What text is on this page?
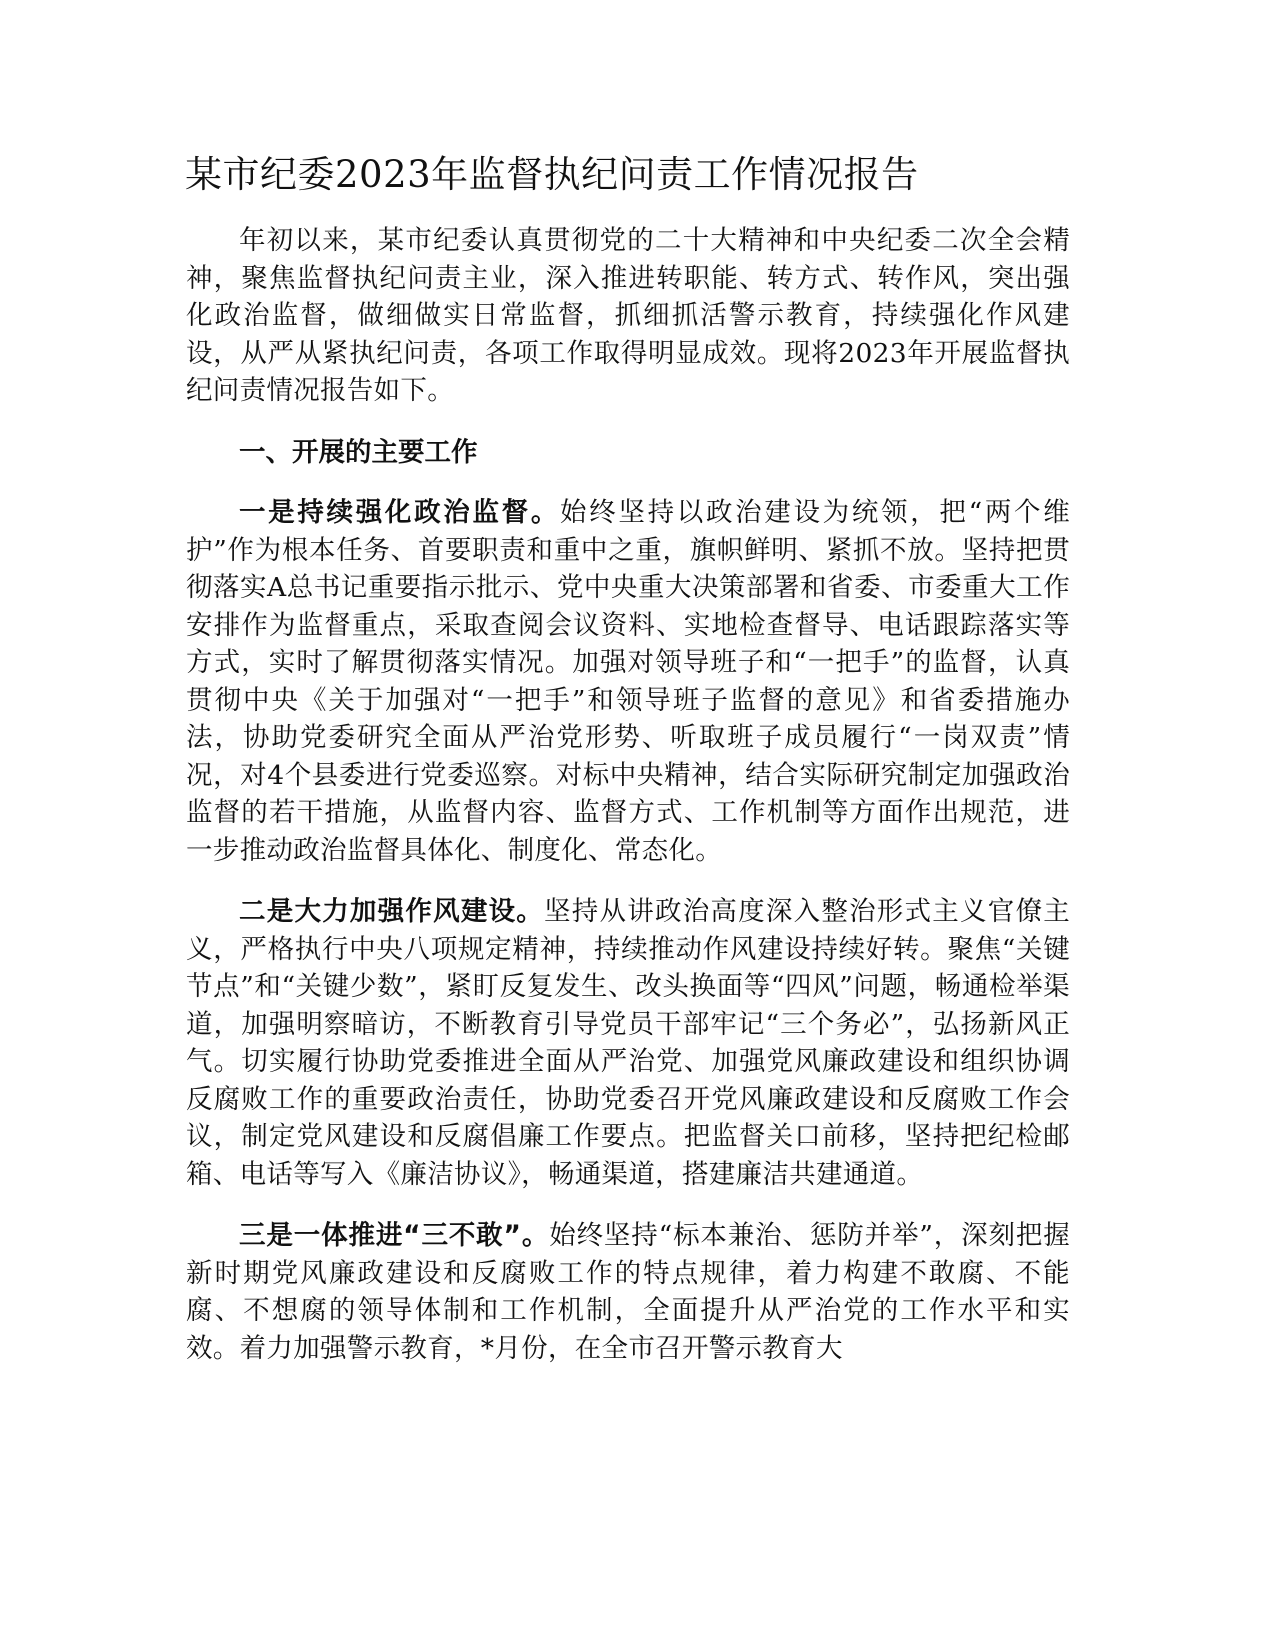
某市纪委2023年监督执纪问责工作情况报告

年初以来，某市纪委认真贯彻党的二十大精神和中央纪委二次全会精神，聚焦监督执纪问责主业，深入推进转职能、转方式、转作风，突出强化政治监督，做细做实日常监督，抓细抓活警示教育，持续强化作风建设，从严从紧执纪问责，各项工作取得明显成效。现将2023年开展监督执纪问责情况报告如下。

一、开展的主要工作

一是持续强化政治监督。始终坚持以政治建设为统领，把“两个维护”作为根本任务、首要职责和重中之重，旗帜鲜明、紧抓不放。坚持把贯彻落实A总书记重要指示批示、党中央重大决策部署和省委、市委重大工作安排作为监督重点，采取查阅会议资料、实地检查督导、电话跟踪落实等方式，实时了解贯彻落实情况。加强对领导班子和“一把手”的监督，认真贯彻中央《关于加强对“一把手”和领导班子监督的意见》和省委措施办法，协助党委研究全面从严治党形势、听取班子成员履行“一岗双责”情况，对4个县委进行党委巡察。对标中央精神，结合实际研究制定加强政治监督的若干措施，从监督内容、监督方式、工作机制等方面作出规范，进一步推动政治监督具体化、制度化、常态化。

二是大力加强作风建设。坚持从讲政治高度深入整治形式主义官僚主义，严格执行中央八项规定精神，持续推动作风建设持续好转。聚焦“关键节点”和“关键少数”，紧盯反复发生、改头换面等“四风”问题，畅通检举渠道，加强明察暗访，不断教育引导党员干部牢记“三个务必”，弘扬新风正气。切实履行协助党委推进全面从严治党、加强党风廉政建设和组织协调反腐败工作的重要政治责任，协助党委召开党风廉政建设和反腐败工作会议，制定党风建设和反腐倡廉工作要点。把监督关口前移，坚持把纪检邮箱、电话等写入《廉洁协议》，畅通渠道，搭建廉洁共建通道。

三是一体推进“三不敢”。始终坚持“标本兼治、惩防并举”，深刻把握新时期党风廉政建设和反腐败工作的特点规律，着力构建不敢腐、不能腐、不想腐的领导体制和工作机制，全面提升从严治党的工作水平和实效。着力加强警示教育，*月份，在全市召开警示教育大
